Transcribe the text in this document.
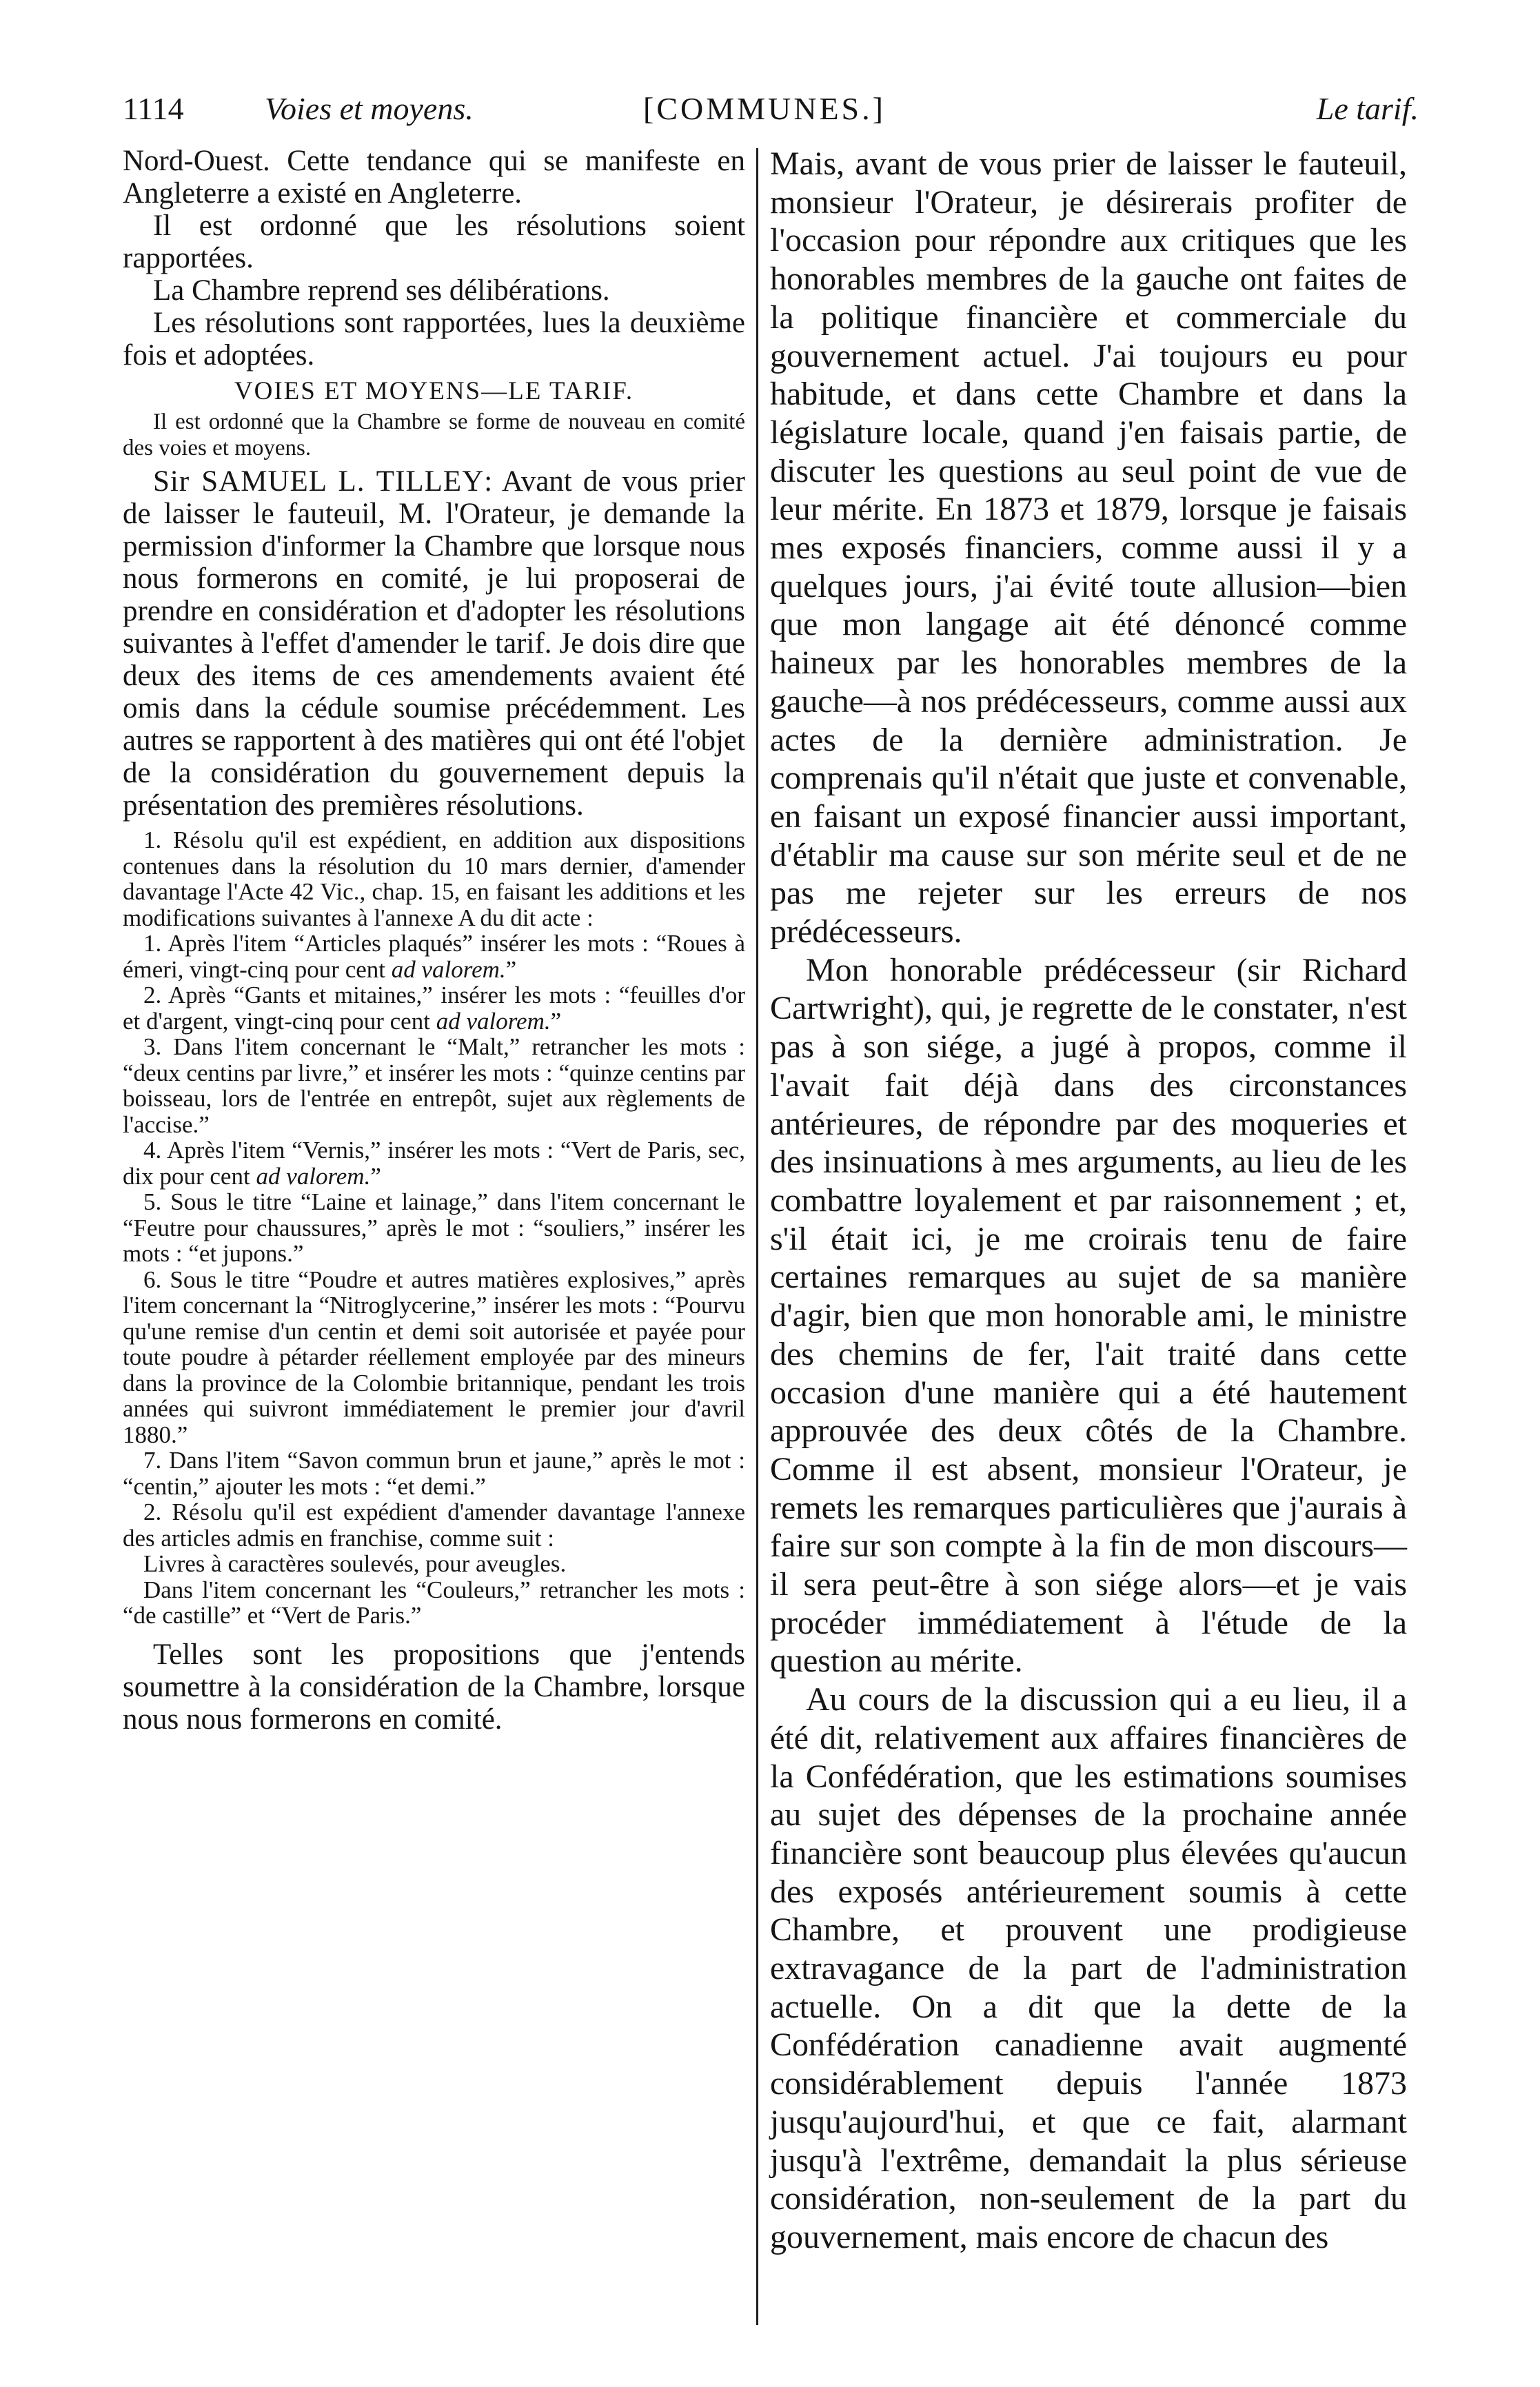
1114	Voies et moyens.	[COMMUNES.]	Le tarif.

Nord-Ouest. Cette tendance qui se manifeste en Angleterre a existé en Angleterre.

Il est ordonné que les résolutions soient rapportées.

La Chambre reprend ses délibérations.

Les résolutions sont rapportées, lues la deuxième fois et adoptées.

VOIES ET MOYENS—LE TARIF.

Il est ordonné que la Chambre se forme de nouveau en comité des voies et moyens.

Sir SAMUEL L. TILLEY: Avant de vous prier de laisser le fauteuil, M. l'Orateur, je demande la permission d'informer la Chambre que lorsque nous nous formerons en comité, je lui proposerai de prendre en considération et d'adopter les résolutions suivantes à l'effet d'amender le tarif. Je dois dire que deux des items de ces amendements avaient été omis dans la cédule soumise précédemment. Les autres se rapportent à des matières qui ont été l'objet de la considération du gouvernement depuis la présentation des premières résolutions.

1. Résolu qu'il est expédient, en addition aux dispositions contenues dans la résolution du 10 mars dernier, d'amender davantage l'Acte 42 Vic., chap. 15, en faisant les additions et les modifications suivantes à l'annexe A du dit acte :

1. Après l'item “Articles plaqués” insérer les mots : “Roues à émeri, vingt-cinq pour cent ad valorem.”

2. Après “Gants et mitaines,” insérer les mots : “feuilles d'or et d'argent, vingt-cinq pour cent ad valorem.”

3. Dans l'item concernant le “Malt,” retrancher les mots : “deux centins par livre,” et insérer les mots : “quinze centins par boisseau, lors de l'entrée en entrepôt, sujet aux règlements de l'accise.”

4. Après l'item “Vernis,” insérer les mots : “Vert de Paris, sec, dix pour cent ad valorem.”

5. Sous le titre “Laine et lainage,” dans l'item concernant le “Feutre pour chaussures,” après le mot : “souliers,” insérer les mots : “et jupons.”

6. Sous le titre “Poudre et autres matières explosives,” après l'item concernant la “Nitroglycerine,” insérer les mots : “Pourvu qu'une remise d'un centin et demi soit autorisée et payée pour toute poudre à pétarder réellement employée par des mineurs dans la province de la Colombie britannique, pendant les trois années qui suivront immédiatement le premier jour d'avril 1880.”

7. Dans l'item “Savon commun brun et jaune,” après le mot : “centin,” ajouter les mots : “et demi.”

2. Résolu qu'il est expédient d'amender davantage l'annexe des articles admis en franchise, comme suit :

Livres à caractères soulevés, pour aveugles.

Dans l'item concernant les “Couleurs,” retrancher les mots : “de castille” et “Vert de Paris.”

Telles sont les propositions que j'entends soumettre à la considération de la Chambre, lorsque nous nous formerons en comité.

Mais, avant de vous prier de laisser le fauteuil, monsieur l'Orateur, je désirerais profiter de l'occasion pour répondre aux critiques que les honorables membres de la gauche ont faites de la politique financière et commerciale du gouvernement actuel. J'ai toujours eu pour habitude, et dans cette Chambre et dans la législature locale, quand j'en faisais partie, de discuter les questions au seul point de vue de leur mérite. En 1873 et 1879, lorsque je faisais mes exposés financiers, comme aussi il y a quelques jours, j'ai évité toute allusion—bien que mon langage ait été dénoncé comme haineux par les honorables membres de la gauche—à nos prédécesseurs, comme aussi aux actes de la dernière administration. Je comprenais qu'il n'était que juste et convenable, en faisant un exposé financier aussi important, d'établir ma cause sur son mérite seul et de ne pas me rejeter sur les erreurs de nos prédécesseurs.

Mon honorable prédécesseur (sir Richard Cartwright), qui, je regrette de le constater, n'est pas à son siége, a jugé à propos, comme il l'avait fait déjà dans des circonstances antérieures, de répondre par des moqueries et des insinuations à mes arguments, au lieu de les combattre loyalement et par raisonnement ; et, s'il était ici, je me croirais tenu de faire certaines remarques au sujet de sa manière d'agir, bien que mon honorable ami, le ministre des chemins de fer, l'ait traité dans cette occasion d'une manière qui a été hautement approuvée des deux côtés de la Chambre. Comme il est absent, monsieur l'Orateur, je remets les remarques particulières que j'aurais à faire sur son compte à la fin de mon discours—il sera peut-être à son siége alors—et je vais procéder immédiatement à l'étude de la question au mérite.

Au cours de la discussion qui a eu lieu, il a été dit, relativement aux affaires financières de la Confédération, que les estimations soumises au sujet des dépenses de la prochaine année financière sont beaucoup plus élevées qu'aucun des exposés antérieurement soumis à cette Chambre, et prouvent une prodigieuse extravagance de la part de l'administration actuelle. On a dit que la dette de la Confédération canadienne avait augmenté considérablement depuis l'année 1873 jusqu'aujourd'hui, et que ce fait, alarmant jusqu'à l'extrême, demandait la plus sérieuse considération, non-seulement de la part du gouvernement, mais encore de chacun des
